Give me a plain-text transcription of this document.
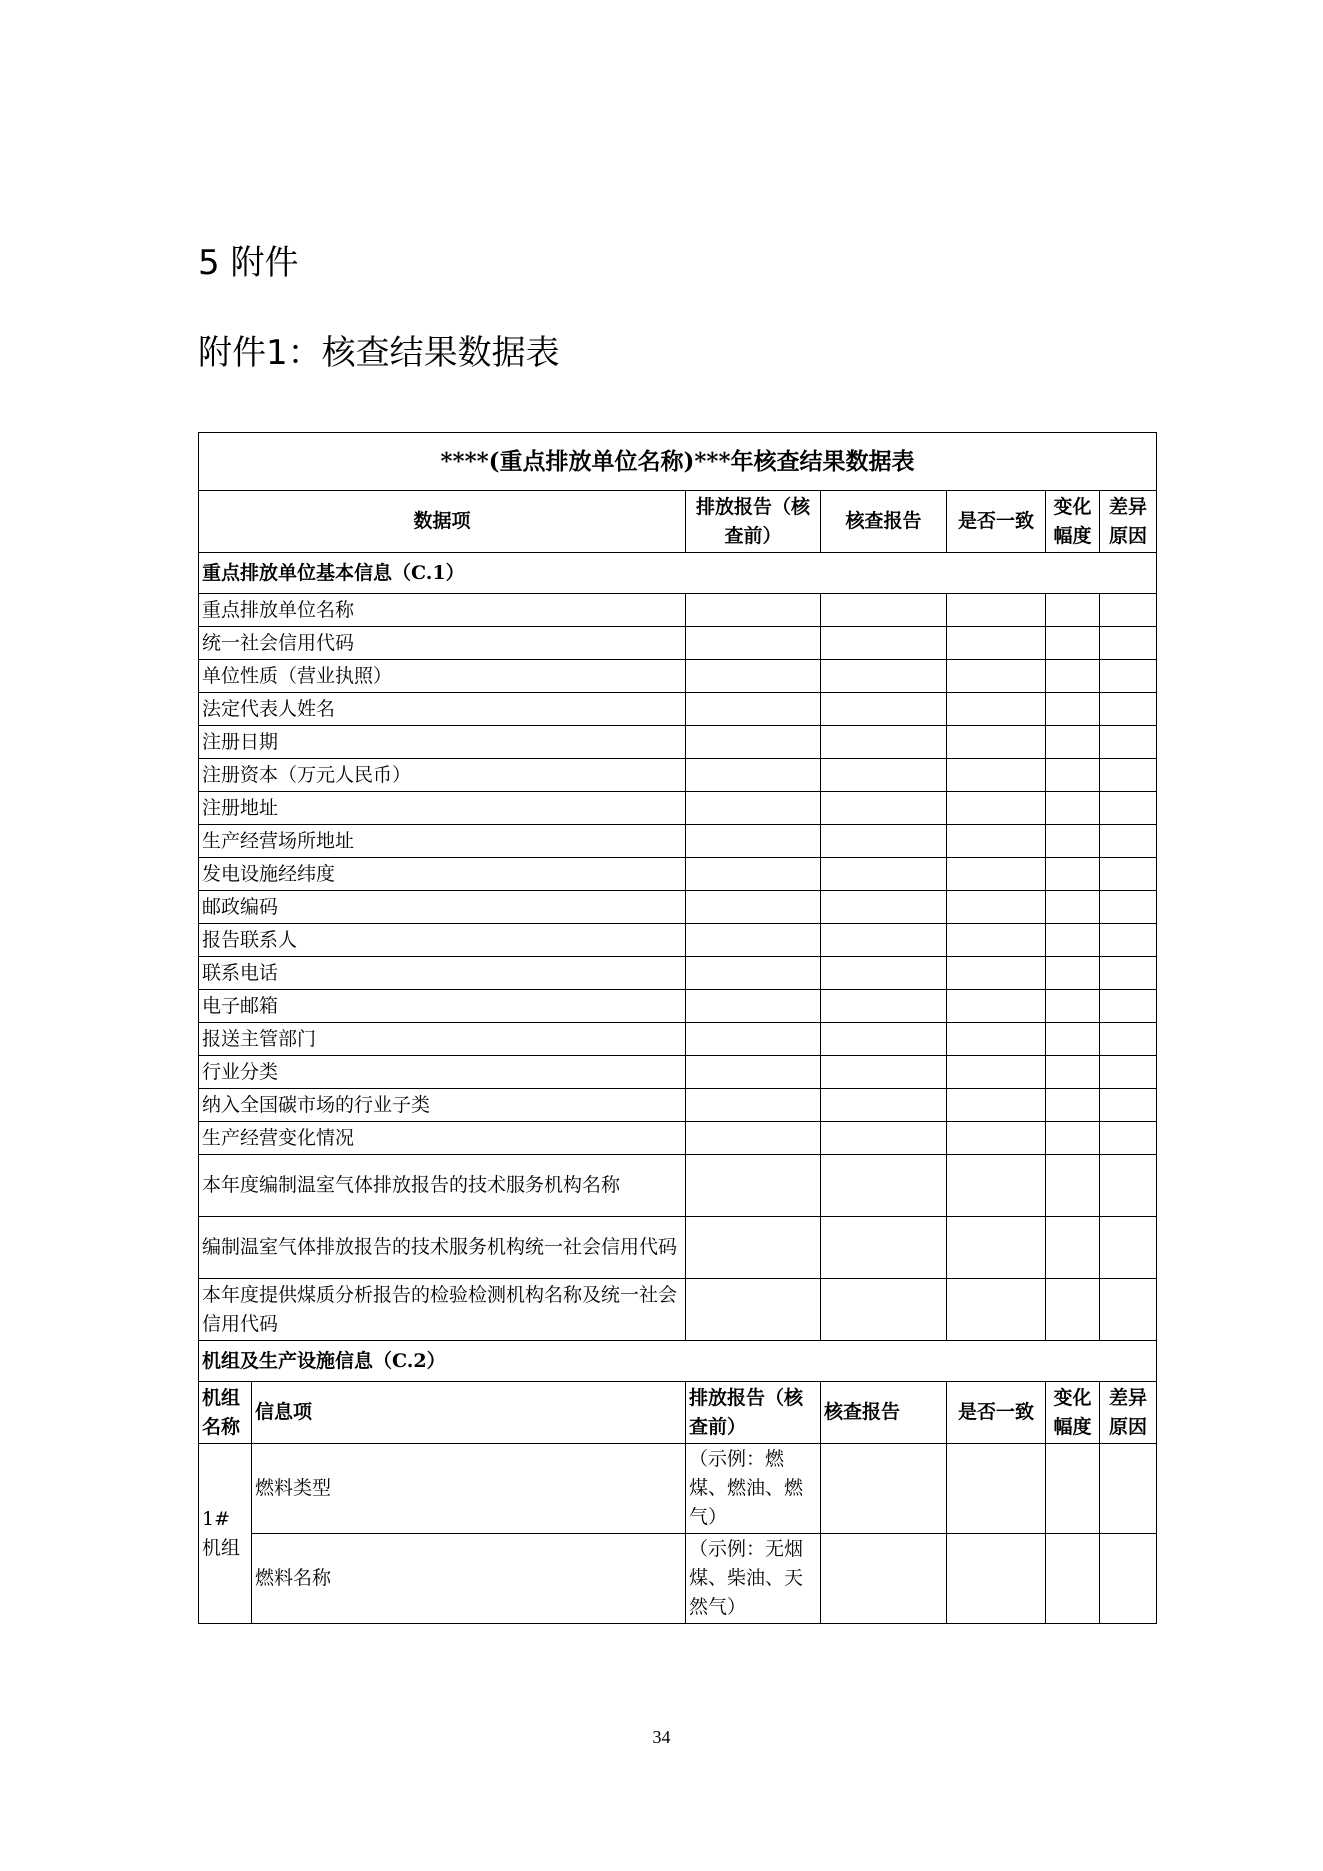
5 附件
附件1：核查结果数据表
****(重点排放单位名称)***年核查结果数据表						
数据项		排放报告（核查前）	核查报告	是否一致	变化幅度	差异原因
重点排放单位基本信息（C.1）						
重点排放单位名称						
统一社会信用代码						
单位性质（营业执照）						
法定代表人姓名						
注册日期						
注册资本（万元人民币）						
注册地址						
生产经营场所地址						
发电设施经纬度						
邮政编码						
报告联系人						
联系电话						
电子邮箱						
报送主管部门						
行业分类						
纳入全国碳市场的行业子类						
生产经营变化情况						
本年度编制温室气体排放报告的技术服务机构名称						
编制温室气体排放报告的技术服务机构统一社会信用代码						
本年度提供煤质分析报告的检验检测机构名称及统一社会信用代码						
机组及生产设施信息（C.2）						
机组名称	信息项	排放报告（核查前）	核查报告	是否一致	变化幅度	差异原因
1#机组	燃料类型	（示例：燃煤、燃油、燃气）				
	燃料名称	（示例：无烟煤、柴油、天然气）				
34
